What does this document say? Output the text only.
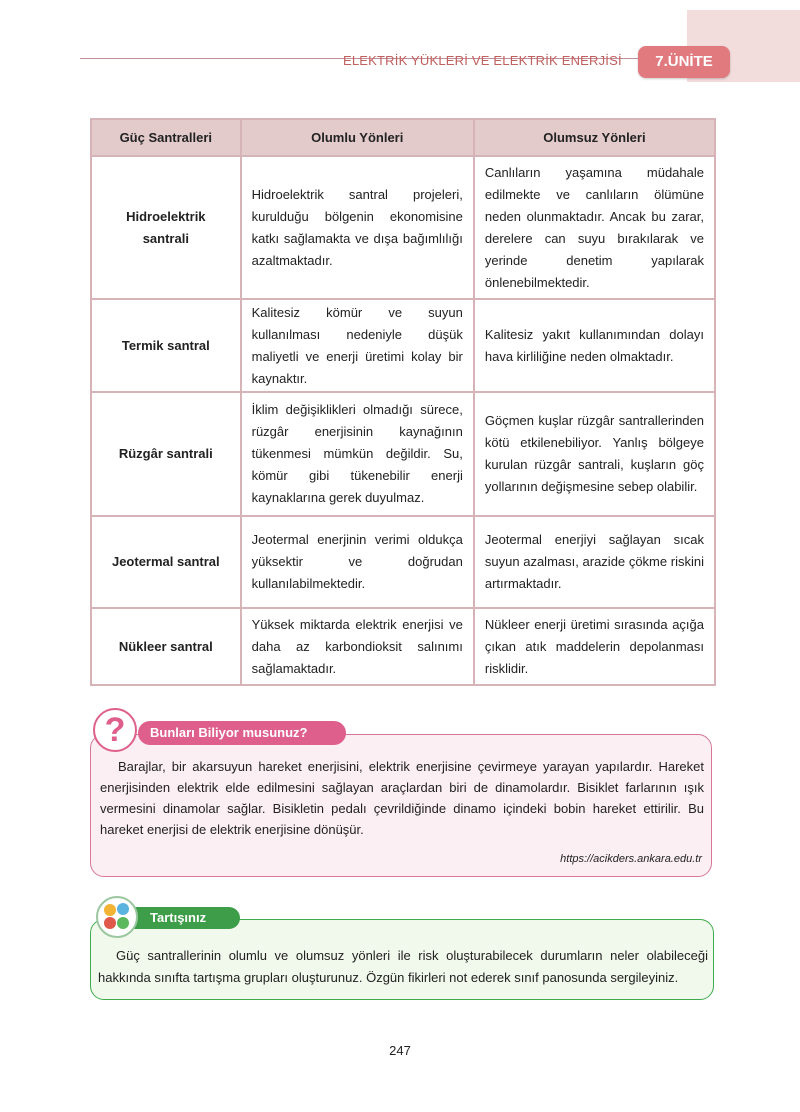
ELEKTRİK YÜKLERİ VE ELEKTRİK ENERJİSİ	7.ÜNİTE
Güç Santralleri	Olumlu Yönleri	Olumsuz Yönleri
Hidroelektrik santrali	Hidroelektrik santral projeleri, kurulduğu bölgenin ekonomisine katkı sağlamakta ve dışa bağımlılığı azaltmaktadır.	Canlıların yaşamına müdahale edilmekte ve canlıların ölümüne neden olunmaktadır. Ancak bu zarar, derelere can suyu bırakılarak ve yerinde denetim yapılarak önlenebilmektedir.
Termik santral	Kalitesiz kömür ve suyun kullanılması nedeniyle düşük maliyetli ve enerji üretimi kolay bir kaynaktır.	Kalitesiz yakıt kullanımından dolayı hava kirliliğine neden olmaktadır.
Rüzgâr santrali	İklim değişiklikleri olmadığı sürece, rüzgâr enerjisinin kaynağının tükenmesi mümkün değildir. Su, kömür gibi tükenebilir enerji kaynaklarına gerek duyulmaz.	Göçmen kuşlar rüzgâr santrallerinden kötü etkilenebiliyor. Yanlış bölgeye kurulan rüzgâr santrali, kuşların göç yollarının değişmesine sebep olabilir.
Jeotermal santral	Jeotermal enerjinin verimi oldukça yüksektir ve doğrudan kullanılabilmektedir.	Jeotermal enerjiyi sağlayan sıcak suyun azalması, arazide çökme riskini artırmaktadır.
Nükleer santral	Yüksek miktarda elektrik enerjisi ve daha az karbondioksit salınımı sağlamaktadır.	Nükleer enerji üretimi sırasında açığa çıkan atık maddelerin depolanması risklidir.
Bunları Biliyor musunuz?
?
Barajlar, bir akarsuyun hareket enerjisini, elektrik enerjisine çevirmeye yarayan yapılardır. Hareket enerjisinden elektrik elde edilmesini sağlayan araçlardan biri de dinamolardır. Bisiklet farlarının ışık vermesini dinamolar sağlar. Bisikletin pedalı çevrildiğinde dinamo içindeki bobin hareket ettirilir. Bu hareket enerjisi de elektrik enerjisine dönüşür.
https://acikders.ankara.edu.tr
Tartışınız
Güç santrallerinin olumlu ve olumsuz yönleri ile risk oluşturabilecek durumların neler olabileceği hakkında sınıfta tartışma grupları oluşturunuz. Özgün fikirleri not ederek sınıf panosunda sergileyiniz.
247
